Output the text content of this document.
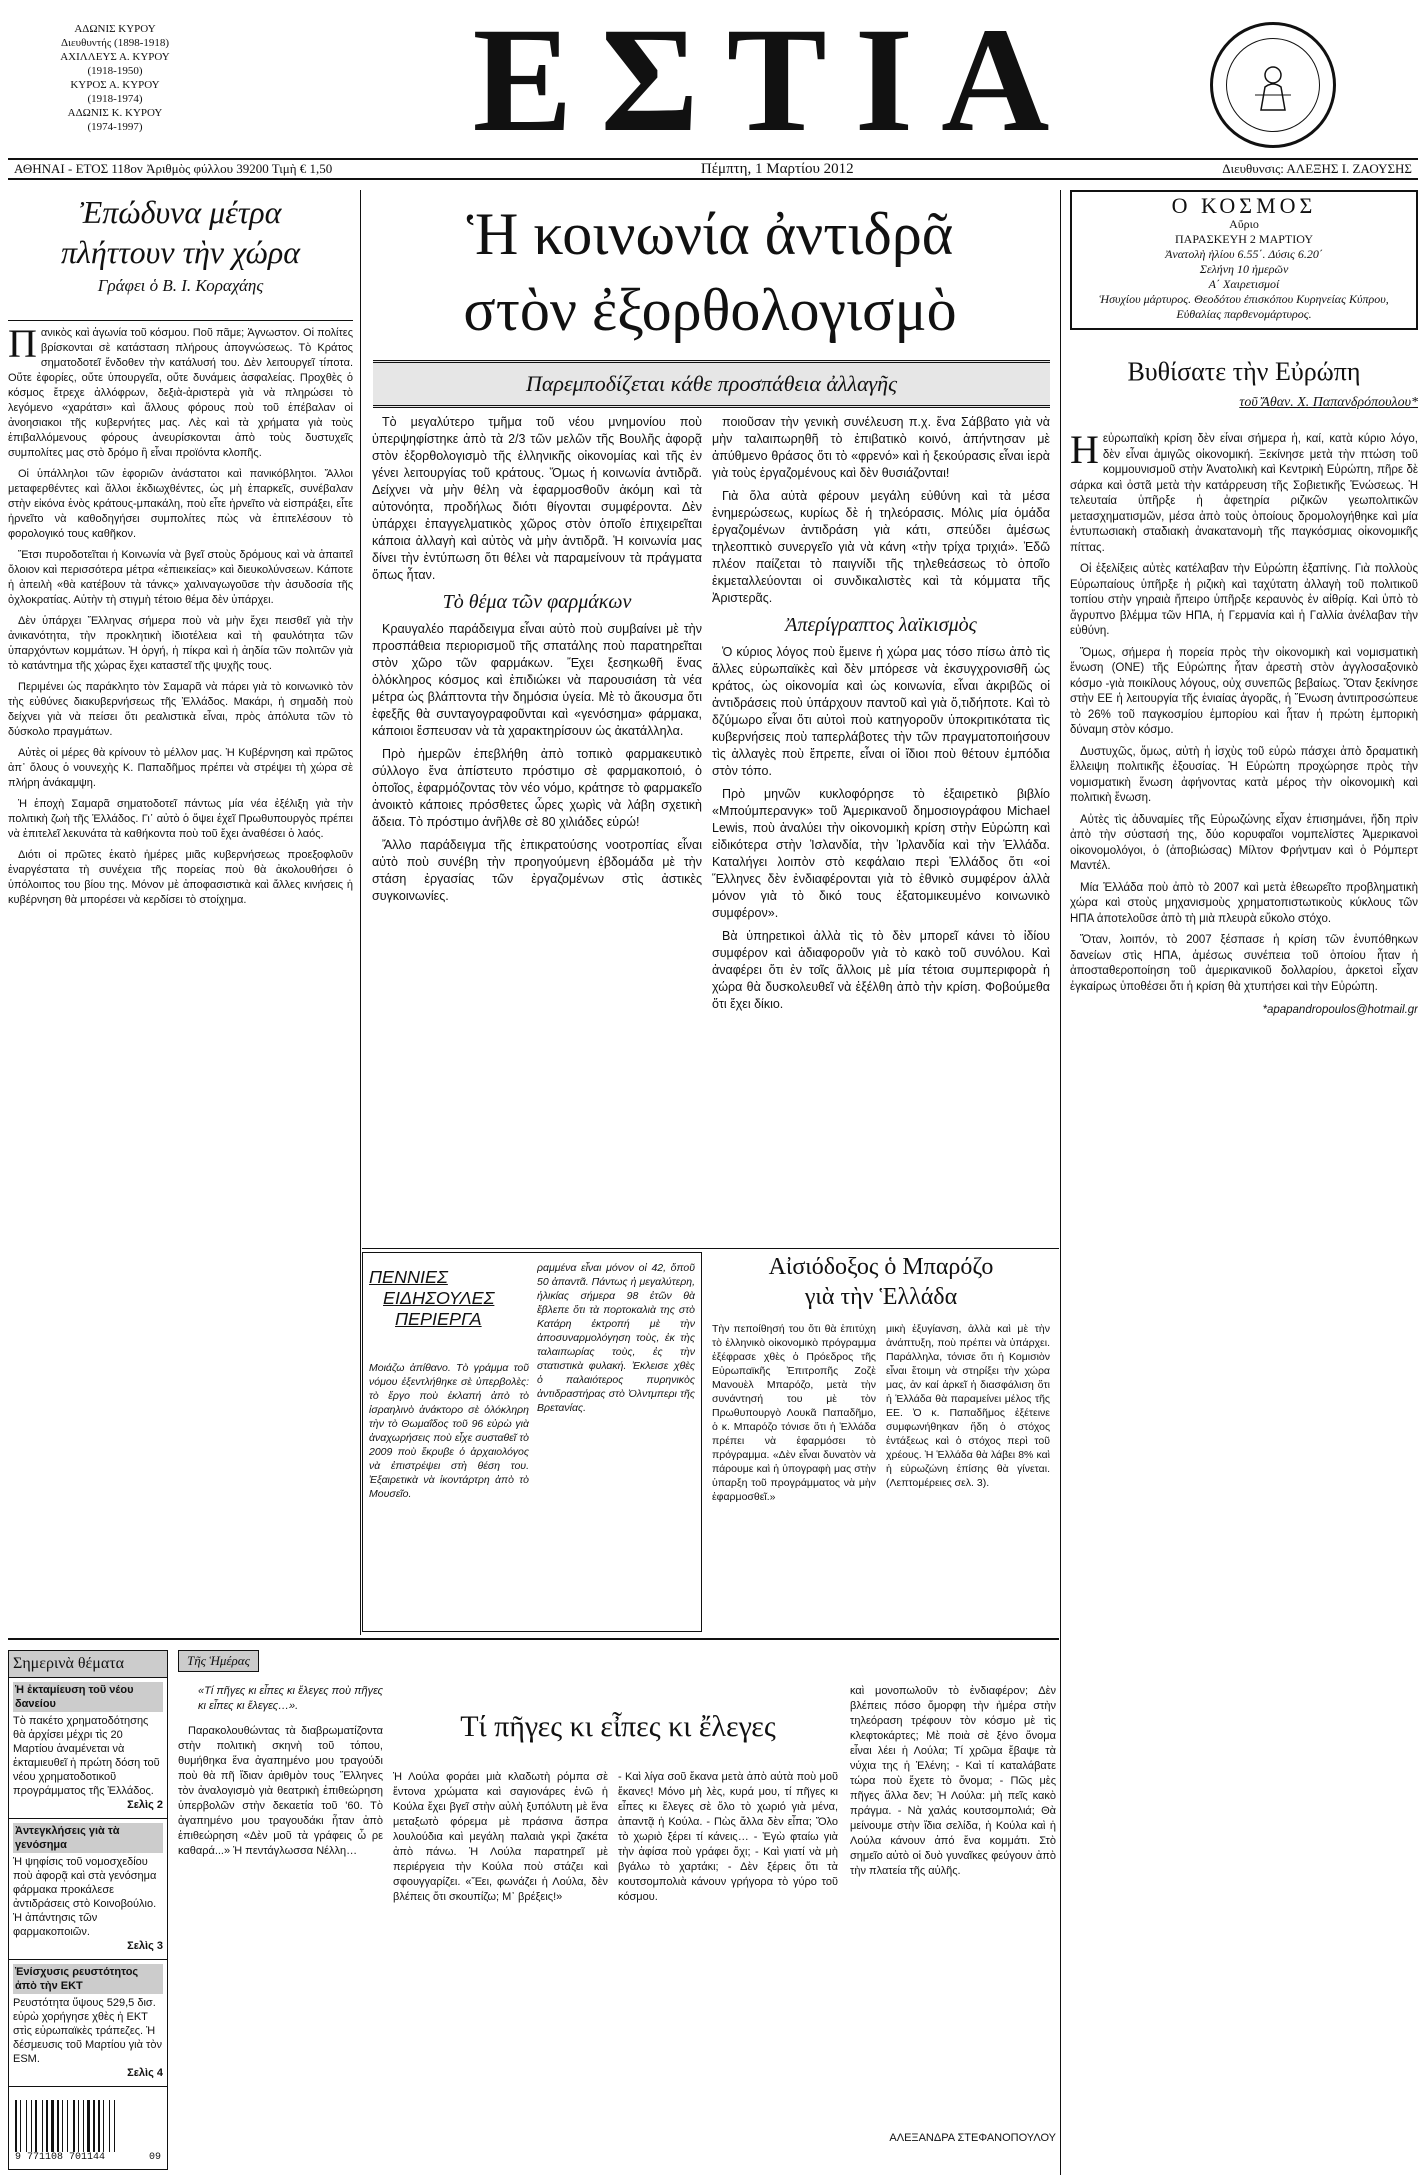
ΑΔΩΝΙΣ ΚΥΡΟΥ
Διευθυντής (1898-1918)
ΑΧΙΛΛΕΥΣ Α. ΚΥΡΟΥ
(1918-1950)
ΚΥΡΟΣ Α. ΚΥΡΟΥ
(1918-1974)
ΑΔΩΝΙΣ Κ. ΚΥΡΟΥ
(1974-1997)	ΕΣΤΙΑ
ΑΘΗΝΑΙ - ΕΤΟΣ 118ον Ἀριθμὸς φύλλου 39200 Τιμὴ € 1,50	Πέμπτη, 1 Μαρτίου 2012	Διευθυνσις: ΑΛΕΞΗΣ Ι. ΖΑΟΥΣΗΣ
Ἐπώδυνα μέτρα
πλήττουν τὴν χώρα
Γράφει ὁ Β. Ι. Κοραχάης

Πανικὸς καὶ ἀγωνία τοῦ κόσμου. Ποῦ πᾶμε; Ἀγνωστον. Οἱ πολίτες βρίσκονται σὲ κατάσταση πλήρους ἀπογνώσεως. Τὸ Κράτος σηματοδοτεῖ ἔνδοθεν τὴν κατάλυσή του. Δὲν λειτουργεῖ τίποτα. Οὔτε ἐφορίες, οὔτε ὑπουργεῖα, οὔτε δυνάμεις ἀσφαλείας. Προχθὲς ὁ κόσμος ἔτρεχε ἀλλόφρων, δεξιὰ-ἀριστερὰ γιὰ νὰ πληρώσει τὸ λεγόμενο «χαράτσι» καὶ ἄλλους φόρους ποὺ τοῦ ἐπέβαλαν οἱ ἀνοησιακοι τῆς κυβερνήτες μας. Λὲς καὶ τὰ χρήματα γιὰ τοὺς ἐπιβαλλόμενους φόρους ἀνευρίσκονται ἀπὸ τοὺς δυστυχεῖς συμπολίτες μας στὸ δρόμο ἢ εἶναι προϊόντα κλοπῆς.

Οἱ ὑπάλληλοι τῶν ἐφοριῶν ἀνάστατοι καὶ πανικόβλητοι. Ἄλλοι μεταφερθέντες καὶ ἄλλοι ἐκδιωχθέντες, ὡς μὴ ἐπαρκεῖς, συνέβαλαν στὴν εἰκόνα ἑνὸς κράτους-μπακάλη, ποὺ εἶτε ἠρνεῖτο νὰ εἰσπράξει, εἶτε ἠρνεῖτο νὰ καθοδηγήσει συμπολίτες πὼς νὰ ἐπιτελέσουν τὸ φορολογικό τους καθῆκον.

Ἔτσι πυροδοτεῖται ἡ Κοινωνία νὰ βγεῖ στοὺς δρόμους καὶ νὰ ἀπαιτεῖ ὅλοιον καὶ περισσότερα μέτρα «ἐπιεικείας» καὶ διευκολύνσεων. Κάποτε ἡ ἀπειλὴ «θὰ κατέβουν τὰ τάνκς» χαλιναγωγοῦσε τὴν ἀσυδοσία τῆς ὀχλοκρατίας. Αὐτὴν τὴ στιγμὴ τέτοιο θέμα δὲν ὑπάρχει.

Δὲν ὑπάρχει Ἕλληνας σήμερα ποὺ νὰ μὴν ἔχει πεισθεῖ γιὰ τὴν ἀνικανότητα, τὴν προκλητικὴ ἰδιοτέλεια καὶ τὴ φαυλότητα τῶν ὑπαρχόντων κομμάτων. Ἡ ὀργή, ἡ πίκρα καὶ ἡ ἀηδία τῶν πολιτῶν γιὰ τὸ κατάντημα τῆς χώρας ἔχει καταστεῖ τῆς ψυχῆς τους.

Περιμένει ὡς παράκλητο τὸν Σαμαρᾶ νὰ πάρει γιὰ τὸ κοινωνικὸ τὸν τὴς εὐθύνες διακυβερνήσεως τῆς Ἑλλάδος. Μακάρι, ἡ σημαδὴ ποὺ δείχνει γιὰ νὰ πείσει ὅτι ρεαλιστικὰ εἶναι, πρὸς ἀπόλυτα τῶν τὸ δύσκολο πραγμάτων.

Αὐτὲς οἱ μέρες θὰ κρίνουν τὸ μέλλον μας. Ἡ Κυβέρνηση καὶ πρῶτος ἀπ᾽ ὅλους ὁ νουνεχὴς Κ. Παπαδῆμος πρέπει νὰ στρέψει τὴ χώρα σὲ πλήρη ἀνάκαμψη.

Ἡ ἐποχὴ Σαμαρᾶ σηματοδοτεῖ πάντως μία νέα ἐξέλιξη γιὰ τὴν πολιτικὴ ζωὴ τῆς Ἑλλάδος. Γι᾽ αὐτὸ ὁ ὄψει ἐχεῖ Πρωθυπουργὸς πρέπει νὰ ἐπιτελεῖ λεκυνάτα τὰ καθήκοντα ποὺ τοῦ ἔχει ἀναθέσει ὁ λαός.

Διότι οἱ πρῶτες ἑκατὸ ἡμέρες μιᾶς κυβερνήσεως προεξοφλοῦν ἐναργέστατα τὴ συνέχεια τῆς πορείας ποὺ θὰ ἀκολουθήσει ὁ ὑπόλοιπος του βίου της. Μόνον μὲ ἀποφασιστικὰ καὶ ἄλλες κινήσεις ἡ κυβέρνηση θὰ μπορέσει νὰ κερδίσει τὸ στοίχημα.

Ἡ κοινωνία ἀντιδρᾶ
στὸν ἐξορθολογισμὸ
Παρεμποδίζεται κάθε προσπάθεια ἀλλαγῆς

Τὸ μεγαλύτερο τμῆμα τοῦ νέου μνημονίου ποὺ ὑπερψηφίστηκε ἀπὸ τὰ 2/3 τῶν μελῶν τῆς Βουλῆς ἀφορᾷ στὸν ἐξορθολογισμὸ τῆς ἑλληνικῆς οἰκονομίας καὶ τῆς ἐν γένει λειτουργίας τοῦ κράτους. Ὅμως ἡ κοινωνία ἀντιδρᾶ. Δείχνει νὰ μὴν θέλη νὰ ἐφαρμοσθοῦν ἀκόμη καὶ τὰ αὐτονόητα, προδήλως διότι θίγονται συμφέροντα. Δὲν ὑπάρχει ἐπαγγελματικὸς χῶρος στὸν ὁποῖο ἐπιχειρεῖται κάποια ἀλλαγὴ καὶ αὐτὸς νὰ μὴν ἀντιδρᾶ. Ἡ κοινωνία μας δίνει τὴν ἐντύπωση ὅτι θέλει νὰ παραμείνουν τὰ πράγματα ὅπως ἦταν.

Τὸ θέμα τῶν φαρμάκων

Κραυγαλέο παράδειγμα εἶναι αὐτὸ ποὺ συμβαίνει μὲ τὴν προσπάθεια περιορισμοῦ τῆς σπατάλης ποὺ παρατηρεῖται στὸν χῶρο τῶν φαρμάκων. Ἔχει ξεσηκωθῆ ἕνας ὁλόκληρος κόσμος καὶ ἐπιδιώκει νὰ παρουσιάση τὰ νέα μέτρα ὡς βλάπτοντα τὴν δημόσια ὑγεία. Μὲ τὸ ἄκουσμα ὅτι ἐφεξῆς θὰ συνταγογραφοῦνται καὶ «γενόσημα» φάρμακα, κάποιοι ἔσπευσαν νὰ τὰ χαρακτηρίσουν ὡς ἀκατάλληλα.

Πρὸ ἡμερῶν ἐπεβλήθη ἀπὸ τοπικὸ φαρμακευτικὸ σύλλογο ἕνα ἀπίστευτο πρόστιμο σὲ φαρμακοποιό, ὁ ὁποῖος, ἐφαρμόζοντας τὸν νέο νόμο, κράτησε τὸ φαρμακεῖο ἀνοικτὸ κάποιες πρόσθετες ὧρες χωρὶς νὰ λάβη σχετικὴ ἄδεια. Τὸ πρόστιμο ἀνῆλθε σὲ 80 χιλιάδες εὐρώ!

Ἄλλο παράδειγμα τῆς ἐπικρατούσης νοοτροπίας εἶναι αὐτὸ ποὺ συνέβη τὴν προηγούμενη ἑβδομάδα μὲ τὴν στάση ἐργασίας τῶν ἐργαζομένων στὶς ἀστικὲς συγκοινωνίες.

ποιοῦσαν τὴν γενικὴ συνέλευση π.χ. ἕνα Σάββατο γιὰ νὰ μὴν ταλαιπωρηθῆ τὸ ἐπιβατικὸ κοινό, ἀπήντησαν μὲ ἀπύθμενο θράσος ὅτι τὸ «φρενό» καὶ ἡ ξεκούρασις εἶναι ἱερὰ γιὰ τοὺς ἐργαζομένους καὶ δὲν θυσιάζονται!

Γιὰ ὅλα αὐτὰ φέρουν μεγάλη εὐθύνη καὶ τὰ μέσα ἐνημερώσεως, κυρίως δὲ ἡ τηλεόρασις. Μόλις μία ὁμάδα ἐργαζομένων ἀντιδράση γιὰ κάτι, σπεύδει ἀμέσως τηλεοπτικὸ συνεργεῖο γιὰ νὰ κάνη «τὴν τρίχα τριχιά». Ἐδῶ πλέον παίζεται τὸ παιγνίδι τῆς τηλεθεάσεως τὸ ὁποῖο ἐκμεταλλεύονται οἱ συνδικαλιστὲς καὶ τὰ κόμματα τῆς Ἀριστερᾶς.

Ἀπερίγραπτος λαϊκισμὸς

Ὁ κύριος λόγος ποὺ ἔμεινε ἡ χώρα μας τόσο πίσω ἀπὸ τὶς ἄλλες εὐρωπαϊκὲς καὶ δὲν μπόρεσε νὰ ἐκσυγχρονισθῆ ὡς κράτος, ὡς οἰκονομία καὶ ὡς κοινωνία, εἶναι ἀκριβῶς οἱ ἀντιδράσεις ποὺ ὑπάρχουν παντοῦ καὶ γιὰ ὅ,τιδήποτε. Καὶ τὸ δζύμωρο εἶναι ὅτι αὐτοὶ ποὺ κατηγοροῦν ὑποκριτικότατα τὶς κυβερνήσεις ποὺ ταπερλάβοτες τὴν τῶν πραγματοποιήσουν τὶς ἀλλαγὲς ποὺ ἔπρεπε, εἶναι οἱ ἴδιοι ποὺ θέτουν ἐμπόδια στὸν τόπο.

Πρὸ μηνῶν κυκλοφόρησε τὸ ἐξαιρετικὸ βιβλίο «Μπούμπερανγκ» τοῦ Ἀμερικανοῦ δημοσιογράφου Michael Lewis, ποὺ ἀναλύει τὴν οἰκονομικὴ κρίση στὴν Εὐρώπη καὶ εἰδικότερα στὴν Ἰσλανδία, τὴν Ἰρλανδία καὶ τὴν Ἑλλάδα. Καταλήγει λοιπὸν στὸ κεφάλαιο περὶ Ἑλλάδος ὅτι «οἱ Ἕλληνες δὲν ἐνδιαφέρονται γιὰ τὸ ἐθνικὸ συμφέρον ἀλλὰ μόνον γιὰ τὸ δικό τους ἐξατομικευμένο κοινωνικὸ συμφέρον».

Βὰ ὑπηρετικοὶ ἀλλὰ τὶς τὸ δὲν μπορεῖ κάνει τὸ ἰδίου συμφέρον καὶ ἀδιαφοροῦν γιὰ τὸ κακὸ τοῦ συνόλου. Καὶ ἀναφέρει ὅτι ἐν τοῖς ἄλλοις μὲ μία τέτοια συμπεριφορὰ ἡ χώρα θὰ δυσκολευθεῖ νὰ ἐξέλθη ἀπὸ τὴν κρίση. Φοβούμεθα ὅτι ἔχει δίκιο.

Ο ΚΟΣΜΟΣ
Αὔριο
ΠΑΡΑΣΚΕΥΗ 2 ΜΑΡΤΙΟΥ
Ἀνατολὴ ἡλίου 6.55΄. Δύσις 6.20΄
Σελήνη 10 ἡμερῶν
Α΄ Χαιρετισμοί
Ἡσυχίου μάρτυρος. Θεοδότου ἐπισκόπου Κυρηνείας Κύπρου, Εὐθαλίας παρθενομάρτυρος.
Βυθίσατε τὴν Εὐρώπη
τοῦ Ἄθαν. Χ. Παπανδρόπουλου*

Ηεὐρωπαϊκὴ κρίση δὲν εἶναι σήμερα ἡ, καί, κατὰ κύριο λόγο, δὲν εἶναι ἁμιγῶς οἰκονομική. Ξεκίνησε μετὰ τὴν πτώση τοῦ κομμουνισμοῦ στὴν Ἀνατολικὴ καὶ Κεντρικὴ Εὐρώπη, πῆρε δὲ σάρκα καὶ ὀστᾶ μετὰ τὴν κατάρρευση τῆς Σοβιετικῆς Ἑνώσεως. Ἡ τελευταία ὑπῆρξε ἡ ἀφετηρία ριζικῶν γεωπολιτικῶν μετασχηματισμῶν, μέσα ἀπὸ τοὺς ὁποίους δρομολογήθηκε καὶ μία ἐντυπωσιακὴ σταδιακὴ ἀνακατανομὴ τῆς παγκόσμιας οἰκονομικῆς πίττας.

Οἱ ἐξελίξεις αὐτὲς κατέλαβαν τὴν Εὐρώπη ἐξαπίνης. Γιὰ πολλοὺς Εὐρωπαίους ὑπῆρξε ἡ ριζικὴ καὶ ταχύτατη ἀλλαγὴ τοῦ πολιτικοῦ τοπίου στὴν γηραιὰ ἤπειρο ὑπῆρξε κεραυνὸς ἐν αἰθρίᾳ. Καὶ ὑπὸ τὸ ἄγρυπνο βλέμμα τῶν ΗΠΑ, ἡ Γερμανία καὶ ἡ Γαλλία ἀνέλαβαν τὴν εὐθύνη.

Ὅμως, σήμερα ἡ πορεία πρὸς τὴν οἰκονομικὴ καὶ νομισματικὴ ἕνωση (ΟΝΕ) τῆς Εὐρώπης ἦταν ἀρεστὴ στὸν ἀγγλοσαξονικὸ κόσμο -γιὰ ποικίλους λόγους, οὐχ συνεπῶς βεβαίως. Ὅταν ξεκίνησε στὴν ΕΕ ἡ λειτουργία τῆς ἑνιαίας ἀγορᾶς, ἡ Ἕνωση ἀντιπροσώπευε τὸ 26% τοῦ παγκοσμίου ἐμπορίου καὶ ἦταν ἡ πρώτη ἐμπορικὴ δύναμη στὸν κόσμο.

Δυστυχῶς, ὅμως, αὐτὴ ἡ ἰσχὺς τοῦ εὐρὼ πάσχει ἀπὸ δραματικὴ ἔλλειψη πολιτικῆς ἐξουσίας. Ἡ Εὐρώπη προχώρησε πρὸς τὴν νομισματικὴ ἕνωση ἀφήνοντας κατὰ μέρος τὴν οἰκονομικὴ καὶ πολιτικὴ ἕνωση.

Αὐτὲς τὶς ἀδυναμίες τῆς Εὐρωζώνης εἶχαν ἐπισημάνει, ἤδη πρὶν ἀπὸ τὴν σύστασή της, δύο κορυφαῖοι νομπελίστες Ἀμερικανοὶ οἰκονομολόγοι, ὁ (ἀποβιώσας) Μίλτον Φρήντμαν καὶ ὁ Ρόμπερτ Μαντέλ.

Μία Ἑλλάδα ποὺ ἀπὸ τὸ 2007 καὶ μετὰ ἐθεωρεῖτο προβληματικὴ χώρα καὶ στοὺς μηχανισμοὺς χρηματοπιστωτικοὺς κύκλους τῶν ΗΠΑ ἀποτελοῦσε ἀπὸ τὴ μιὰ πλευρὰ εὔκολο στόχο.

Ὅταν, λοιπόν, τὸ 2007 ξέσπασε ἡ κρίση τῶν ἐνυπόθηκων δανείων στὶς ΗΠΑ, ἀμέσως συνέπεια τοῦ ὁποίου ἦταν ἡ ἀποσταθεροποίηση τοῦ ἀμερικανικοῦ δολλαρίου, ἀρκετοὶ εἶχαν ἐγκαίρως ὑποθέσει ὅτι ἡ κρίση θὰ χτυπήσει καὶ τὴν Εὐρώπη.

*apapandropoulos@hotmail.gr
ΠΕΝΝΙΕΣ
ΕΙΔΗΣΟΥΛΕΣ
ΠΕΡΙΕΡΓΑ
Μοιάζω ἀπίθανο. Τὸ γράμμα τοῦ νόμου ἐξεντλήθηκε σὲ ὑπερβολὲς: τὸ ἔργο ποὺ ἐκλαπή ἀπὸ τὸ ἰσραηλινὸ ἀνάκτορο σὲ ὁλόκληρη τὴν τὸ Θωμαΐδος τοῦ 96 εὐρὼ γιὰ ἀναχωρήσεις ποὺ εἶχε συσταθεῖ τὸ 2009 ποὺ ἔκρυβε ὁ ἀρχαιολόγος νὰ ἐπιστρέψει στὴ θέση του. Ἐξαιρετικὰ νὰ ἰκοντάρτρη ἀπὸ τὸ Μουσεῖο.
ραμμένα εἶναι μόνον οἱ 42, ὅποῦ 50 ἀπαντᾶ. Πάντως ἡ μεγαλύτερη, ἡλικίας σήμερα 98 ἐτῶν θὰ ἔβλεπε ὅτι τὰ πορτοκαλιὰ της στὸ Κατάρη ἐκτροπή μὲ τὴν ἀποσυναρμολόγηση τοὺς, ἐκ τὴς ταλαιπωρίας τοὺς, ἐς τὴν στατιστικὰ φυλακή. Ἐκλεισε χθὲς ὁ παλαιότερος πυρηνικὸς ἀντιδραστήρας στὸ Ὀλντμπερι τῆς Βρετανίας.
Αἰσιόδοξος ὁ Μπαρόζο
γιὰ τὴν Ἑλλάδα
Τὴν πεποίθησή του ὅτι θὰ ἐπιτύχη τὸ ἑλληνικὸ οἰκονομικὸ πρόγραμμα ἐξέφρασε χθὲς ὁ Πρόεδρος τῆς Εὐρωπαϊκῆς Ἐπιτροπῆς Ζοζὲ Μανουὲλ Μπαρόζο, μετὰ τὴν συνάντησή του μὲ τὸν Πρωθυπουργὸ Λουκᾶ Παπαδῆμο, ὁ κ. Μπαρόζο τόνισε ὅτι ἡ Ἑλλάδα πρέπει νὰ ἐφαρμόσει τὸ πρόγραμμα. «Δὲν εἶναι δυνατὸν νὰ πάρουμε καὶ ἡ ὑπογραφὴ μας στὴν ὑπαρξη τοῦ προγράμματος νὰ μὴν ἐφαρμοσθεῖ.»
μικὴ ἐξυγίανση, ἀλλὰ καὶ μὲ τὴν ἀνάπτυξη, ποὺ πρέπει νὰ ὑπάρχει. Παράλληλα, τόνισε ὅτι ἡ Κομισιὸν εἶναι ἕτοιμη νὰ στηρίξει τὴν χώρα μας, ἀν καί ἀρκεῖ ἡ διασφάλιση ὅτι ἡ Ἑλλάδα θὰ παραμείνει μέλος τῆς ΕΕ. Ὁ κ. Παπαδῆμος ἐξέτεινε συμφωνήθηκαν ἤδη ὁ στόχος ἐντάξεως καὶ ὁ στόχος περὶ τοῦ χρέους. Ἡ Ἑλλάδα θὰ λάβει 8% καὶ ἡ εὐρωζώνη ἐπίσης θὰ γίνεται. (Λεπτομέρειες σελ. 3).
Σημερινὰ θέματα
Ἡ ἐκταμίευση τοῦ νέου δανείου
Τὸ πακέτο χρηματοδότησης θὰ ἀρχίσει μέχρι τὶς 20 Μαρτίου ἀναμένεται νὰ ἐκταμιευθεῖ ἡ πρώτη δόση τοῦ νέου χρηματοδοτικοῦ προγράμματος τῆς Ἑλλάδος.
Σελὶς 2
Ἀντεγκλήσεις γιὰ τὰ γενόσημα
Ἡ ψηφίσις τοῦ νομοσχεδίου ποὺ ἀφορᾷ καὶ στὰ γενόσημα φάρμακα προκάλεσε ἀντιδράσεις στὸ Κοινοβούλιο. Ἡ ἀπάντησις τῶν φαρμακοποιῶν.
Σελὶς 3
Ἐνίσχυσις ρευστότητος ἀπὸ τὴν ΕΚΤ
Ρευστότητα ὕψους 529,5 δισ. εὐρὼ χορήγησε χθὲς ἡ ΕΚΤ στὶς εὐρωπαϊκὲς τράπεζες. Ἡ δέσμευσις τοῦ Μαρτίου γιὰ τὸν ESM.
Σελὶς 4
9 771108 701144	09
Τῆς Ἡμέρας
«Τί πῆγες κι εἶπες κι ἔλεγες ποὺ πῆγες κι εἶπες κι ἔλεγες…».

Παρακολουθώντας τὰ διαβρωματίζοντα στὴν πολιτικὴ σκηνὴ τοῦ τόπου, θυμήθηκα ἕνα ἀγαπημένο μου τραγούδι ποὺ θὰ πῆ ἴδιαν ἀριθμὸν τους Ἕλληνες τὸν ἀναλογισμὸ γιὰ θεατρικὴ ἐπιθεώρηση ὑπερβολῶν στὴν δεκαετία τοῦ '60. Τὸ ἀγαπημένο μου τραγουδάκι ἦταν ἀπὸ ἐπιθεώρηση «Δὲν μοῦ τὰ γράφεις ὦ ρε καθαρά...» Ἡ πεντάγλωσσα Νέλλη…

Τί πῆγες κι εἶπες κι ἔλεγες
Ἡ Λούλα φοράει μιὰ κλαδωτὴ ρόμπα σὲ ἔντονα χρώματα καὶ σαγιονάρες ἐνῶ ἡ Κούλα ἔχει βγεῖ στὴν αὐλὴ ξυπόλυτη μὲ ἕνα μεταξωτὸ φόρεμα μὲ πράσινα ἄσπρα λουλούδια καὶ μεγάλη παλαιὰ γκρὶ ζακέτα ἀπὸ πάνω. Ἡ Λούλα παρατηρεῖ μὲ περιέργεια τὴν Κούλα ποὺ στάζει καὶ σφουγγαρίζει. «Ἔει, φωνάζει ἡ Λούλα, δὲν βλέπεις ὅτι σκουπίζω; Μ᾽ βρέξεις!»
- Καὶ λίγα σοῦ ἔκανα μετὰ ἀπὸ αὐτὰ ποὺ μοῦ ἔκανες! Μόνο μὴ λὲς, κυρά μου, τί πῆγες κι εἶπες κι ἔλεγες σὲ ὅλο τὸ χωριό γιὰ μένα, ἀπαντᾷ ἡ Κούλα. - Πὼς ἄλλα δὲν εἶπα; Ὅλο τὸ χωριὸ ξέρει τί κάνεις… - Ἐγὼ φταίω γιὰ τὴν ἀφίσα ποὺ γράφει ὄχι; - Καὶ γιατί νὰ μὴ βγάλω τὸ χαρτάκι; - Δὲν ξέρεις ὅτι τὰ κουτσομπολιὰ κάνουν γρήγορα τὸ γύρο τοῦ κόσμου.
καὶ μονοπωλοῦν τὸ ἐνδιαφέρον; Δὲν βλέπεις πόσο ὄμορφη τὴν ἡμέρα στὴν τηλεόραση τρέφουν τὸν κόσμο μὲ τὶς κλεφτοκάρτες; Μὲ ποιὰ σὲ ξένο ὄνομα εἶναι λέει ἡ Λούλα; Τί χρῶμα ἔβαψε τὰ νύχια της ἡ Ἑλένη; - Καὶ τί καταλάβατε τώρα ποὺ ἔχετε τὸ ὄνομα; - Πῶς μὲς πῆγες ἄλλα δεν; Ἡ Λούλα: μὴ πεῖς κακὸ πράγμα. - Νὰ χαλάς κουτσομπολιά; Θὰ μείνουμε στὴν ἴδια σελίδα, ἡ Κούλα καὶ ἡ Λούλα κάνουν ἀπό ἕνα κομμάτι. Στὸ σημεῖο αὐτὸ οἱ δυὸ γυναῖκες φεύγουν ἀπὸ τὴν πλατεία τῆς αὐλῆς.
ΑΛΕΞΑΝΔΡΑ ΣΤΕΦΑΝΟΠΟΥΛΟΥ
